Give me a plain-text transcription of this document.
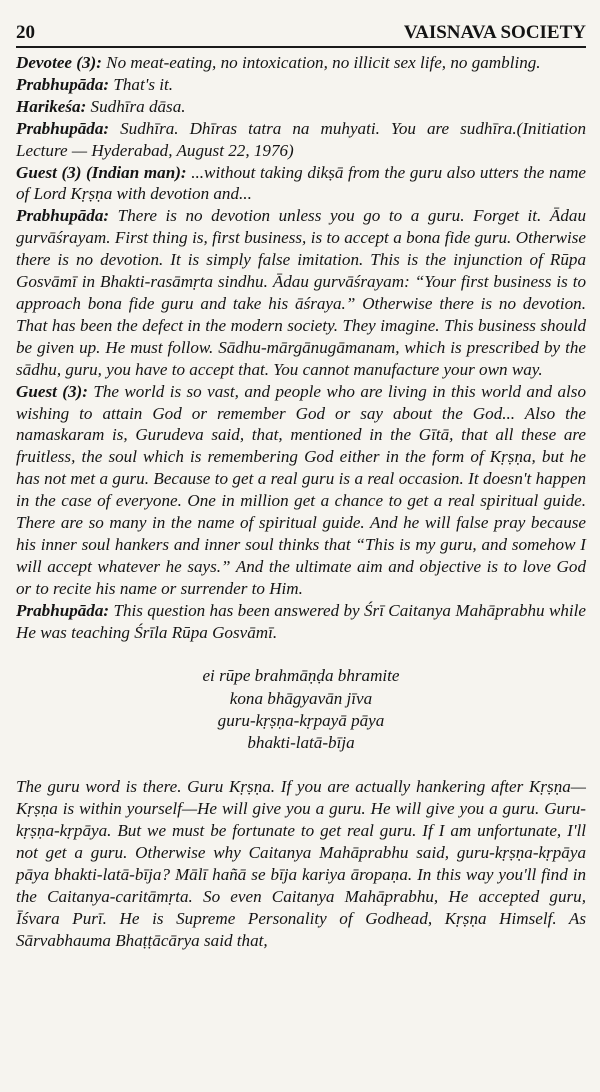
20	VAISNAVA SOCIETY

Devotee (3): No meat-eating, no intoxication, no illicit sex life, no gambling.

Prabhupāda: That's it.

Harikeśa: Sudhīra dāsa.

Prabhupāda: Sudhīra. Dhīras tatra na muhyati. You are sudhīra.(Initiation Lecture — Hyderabad, August 22, 1976)

Guest (3) (Indian man): ...without taking dikṣā from the guru also utters the name of Lord Kṛṣṇa with devotion and...

Prabhupāda: There is no devotion unless you go to a guru. Forget it. Ādau gurvāśrayam. First thing is, first business, is to accept a bona fide guru. Otherwise there is no devotion. It is simply false imitation. This is the injunction of Rūpa Gosvāmī in Bhakti-rasāmṛta sindhu. Ādau gurvāśrayam: “Your first business is to approach bona fide guru and take his āśraya.” Otherwise there is no devotion. That has been the defect in the modern society. They imagine. This business should be given up. He must follow. Sādhu-mārgānugāmanam, which is prescribed by the sādhu, guru, you have to accept that. You cannot manufacture your own way.

Guest (3): The world is so vast, and people who are living in this world and also wishing to attain God or remember God or say about the God... Also the namaskaram is, Gurudeva said, that, mentioned in the Gītā, that all these are fruitless, the soul which is remembering God either in the form of Kṛṣṇa, but he has not met a guru. Because to get a real guru is a real occasion. It doesn't happen in the case of everyone. One in million get a chance to get a real spiritual guide. There are so many in the name of spiritual guide. And he will false pray because his inner soul hankers and inner soul thinks that “This is my guru, and somehow I will accept whatever he says.” And the ultimate aim and objective is to love God or to recite his name or surrender to Him.

Prabhupāda: This question has been answered by Śrī Caitanya Mahāprabhu while He was teaching Śrīla Rūpa Gosvāmī.

ei rūpe brahmāṇḍa bhramite
kona bhāgyavān jīva
guru-kṛṣṇa-kṛpayā pāya
bhakti-latā-bīja

The guru word is there. Guru Kṛṣṇa. If you are actually hankering after Kṛṣṇa—Kṛṣṇa is within yourself—He will give you a guru. He will give you a guru. Guru-kṛṣṇa-kṛpāya. But we must be fortunate to get real guru. If I am unfortunate, I'll not get a guru. Otherwise why Caitanya Mahāprabhu said, guru-kṛṣṇa-kṛpāya pāya bhakti-latā-bīja? Mālī hañā se bīja kariya āropaṇa. In this way you'll find in the Caitanya-caritāmṛta. So even Caitanya Mahāprabhu, He accepted guru, Īśvara Purī. He is Supreme Personality of Godhead, Kṛṣṇa Himself. As Sārvabhauma Bhaṭṭācārya said that,
